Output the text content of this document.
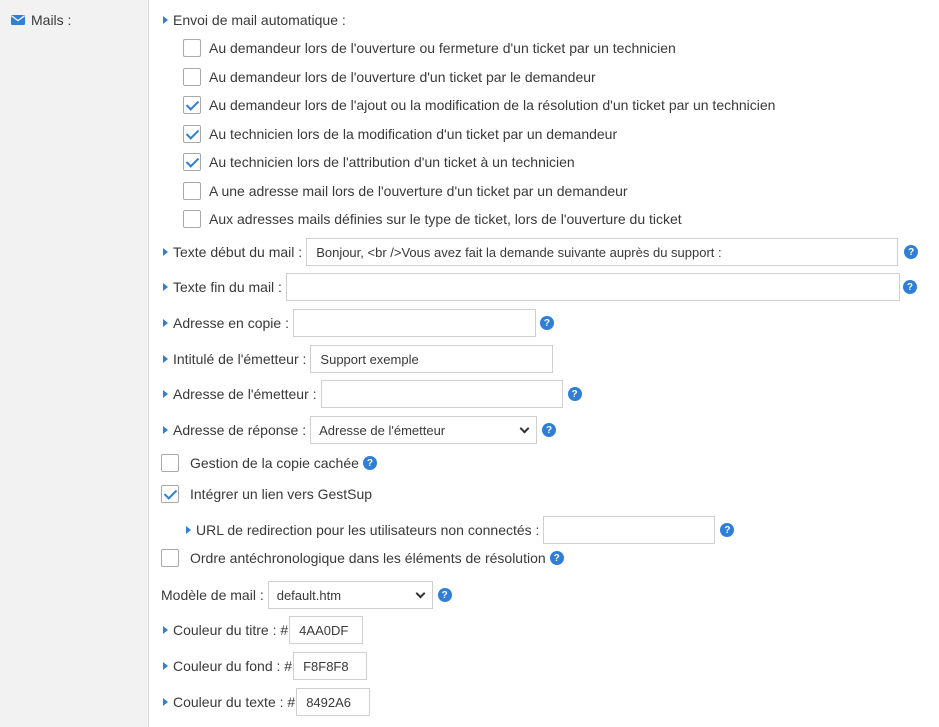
Mails :	Envoi de mail automatique :
Au demandeur lors de l'ouverture ou fermeture d'un ticket par un technicien
Au demandeur lors de l'ouverture d'un ticket par le demandeur
Au demandeur lors de l'ajout ou la modification de la résolution d'un ticket par un technicien
Au technicien lors de la modification d'un ticket par un demandeur
Au technicien lors de l'attribution d'un ticket à un technicien
A une adresse mail lors de l'ouverture d'un ticket par un demandeur
Aux adresses mails définies sur le type de ticket, lors de l'ouverture du ticket
Texte début du mail :	Bonjour, <br />Vous avez fait la demande suivante auprès du support :	?
Texte fin du mail :	?
Adresse en copie :	?
Intitulé de l'émetteur :	Support exemple
Adresse de l'émetteur :	?
Adresse de réponse : Adresse de l'émetteur	?
Gestion de la copie cachée ?
Intégrer un lien vers GestSup
URL de redirection pour les utilisateurs non connectés :	?
Ordre antéchronologique dans les éléments de résolution ?
Modèle de mail : default.htm	?
Couleur du titre : # 4AA0DF
Couleur du fond : # F8F8F8
Couleur du texte : # 8492A6
